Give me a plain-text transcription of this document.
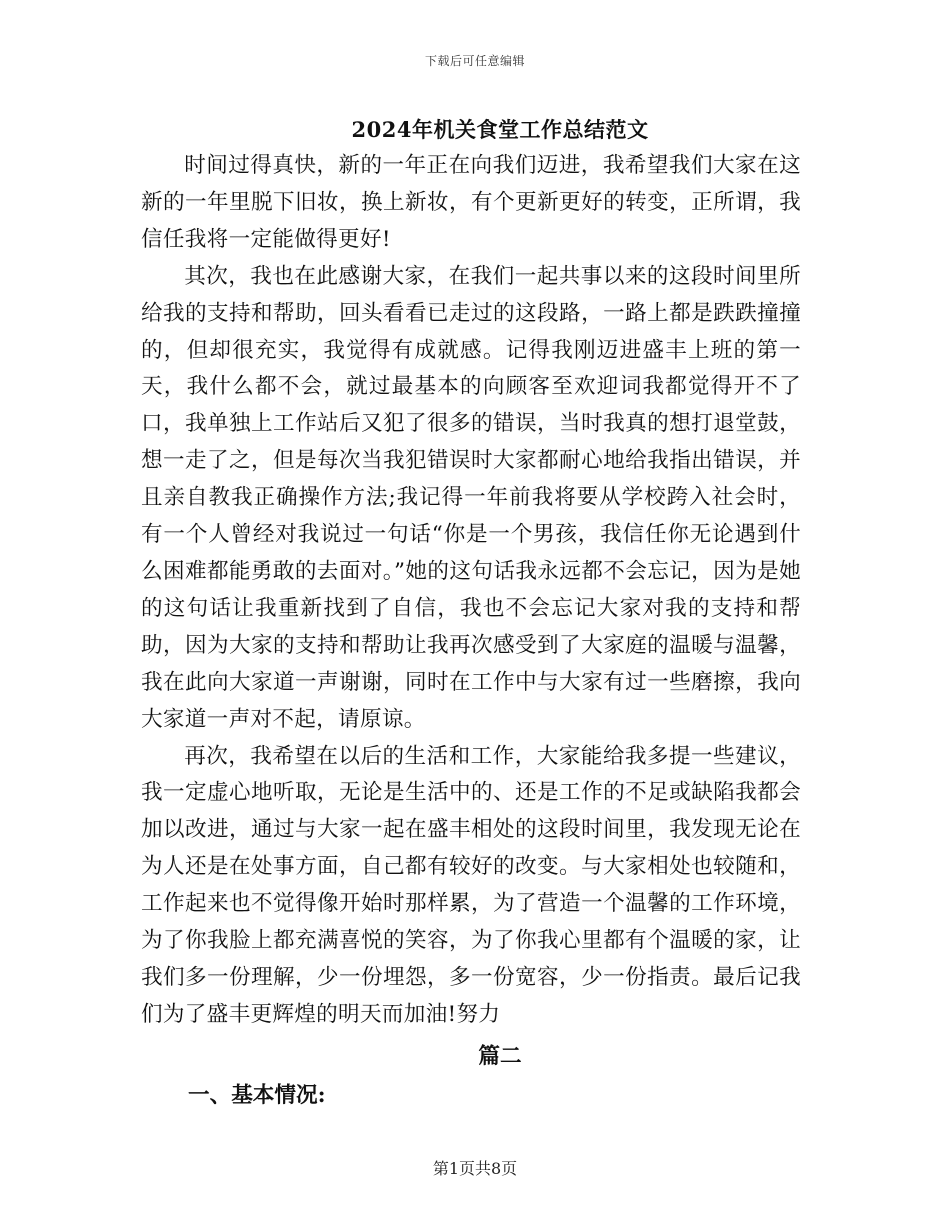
下载后可任意编辑
2024年机关食堂工作总结范文

时间过得真快，新的一年正在向我们迈进，我希望我们大家在这新的一年里脱下旧妆，换上新妆，有个更新更好的转变，正所谓，我信任我将一定能做得更好!

其次，我也在此感谢大家，在我们一起共事以来的这段时间里所给我的支持和帮助，回头看看已走过的这段路，一路上都是跌跌撞撞的，但却很充实，我觉得有成就感。记得我刚迈进盛丰上班的第一天，我什么都不会，就过最基本的向顾客至欢迎词我都觉得开不了口，我单独上工作站后又犯了很多的错误，当时我真的想打退堂鼓，想一走了之，但是每次当我犯错误时大家都耐心地给我指出错误，并且亲自教我正确操作方法;我记得一年前我将要从学校跨入社会时，有一个人曾经对我说过一句话“你是一个男孩，我信任你无论遇到什么困难都能勇敢的去面对。”她的这句话我永远都不会忘记，因为是她的这句话让我重新找到了自信，我也不会忘记大家对我的支持和帮助，因为大家的支持和帮助让我再次感受到了大家庭的温暖与温馨，我在此向大家道一声谢谢，同时在工作中与大家有过一些磨擦，我向大家道一声对不起，请原谅。

再次，我希望在以后的生活和工作，大家能给我多提一些建议，我一定虚心地听取，无论是生活中的、还是工作的不足或缺陷我都会加以改进，通过与大家一起在盛丰相处的这段时间里，我发现无论在为人还是在处事方面，自己都有较好的改变。与大家相处也较随和，工作起来也不觉得像开始时那样累，为了营造一个温馨的工作环境，为了你我脸上都充满喜悦的笑容，为了你我心里都有个温暖的家，让我们多一份理解，少一份埋怨，多一份宽容，少一份指责。最后记我们为了盛丰更辉煌的明天而加油!努力

篇二
一、基本情况:
第1页共8页
